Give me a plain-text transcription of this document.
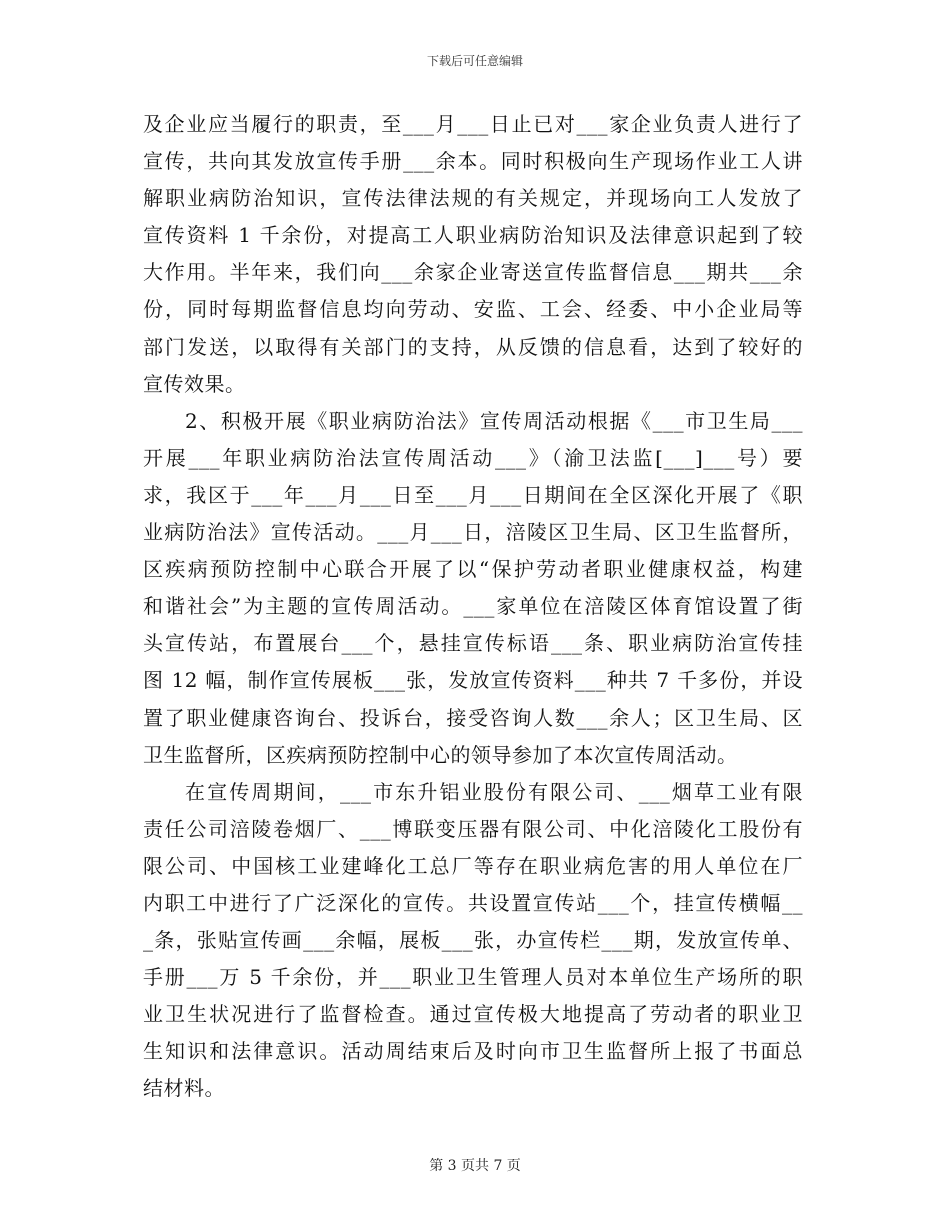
下载后可任意编辑
及企业应当履行的职责，至___月___日止已对___家企业负责人进行了
宣传，共向其发放宣传手册___余本。同时积极向生产现场作业工人讲
解职业病防治知识，宣传法律法规的有关规定，并现场向工人发放了
宣传资料 1 千余份，对提高工人职业病防治知识及法律意识起到了较
大作用。半年来，我们向___余家企业寄送宣传监督信息___期共___余
份，同时每期监督信息均向劳动、安监、工会、经委、中小企业局等
部门发送，以取得有关部门的支持，从反馈的信息看，达到了较好的
宣传效果。
2、积极开展《职业病防治法》宣传周活动根据《___市卫生局___
开展___年职业病防治法宣传周活动___》（渝卫法监[___]___号）要
求，我区于___年___月___日至___月___日期间在全区深化开展了《职
业病防治法》宣传活动。___月___日，涪陵区卫生局、区卫生监督所，
区疾病预防控制中心联合开展了以“保护劳动者职业健康权益，构建
和谐社会”为主题的宣传周活动。___家单位在涪陵区体育馆设置了街
头宣传站，布置展台___个，悬挂宣传标语___条、职业病防治宣传挂
图 12 幅，制作宣传展板___张，发放宣传资料___种共 7 千多份，并设
置了职业健康咨询台、投诉台，接受咨询人数___余人；区卫生局、区
卫生监督所，区疾病预防控制中心的领导参加了本次宣传周活动。
在宣传周期间，___市东升铝业股份有限公司、___烟草工业有限
责任公司涪陵卷烟厂、___博联变压器有限公司、中化涪陵化工股份有
限公司、中国核工业建峰化工总厂等存在职业病危害的用人单位在厂
内职工中进行了广泛深化的宣传。共设置宣传站___个，挂宣传横幅__
_条，张贴宣传画___余幅，展板___张，办宣传栏___期，发放宣传单、
手册___万 5 千余份，并___职业卫生管理人员对本单位生产场所的职
业卫生状况进行了监督检查。通过宣传极大地提高了劳动者的职业卫
生知识和法律意识。活动周结束后及时向市卫生监督所上报了书面总
结材料。
第 3 页共 7 页
